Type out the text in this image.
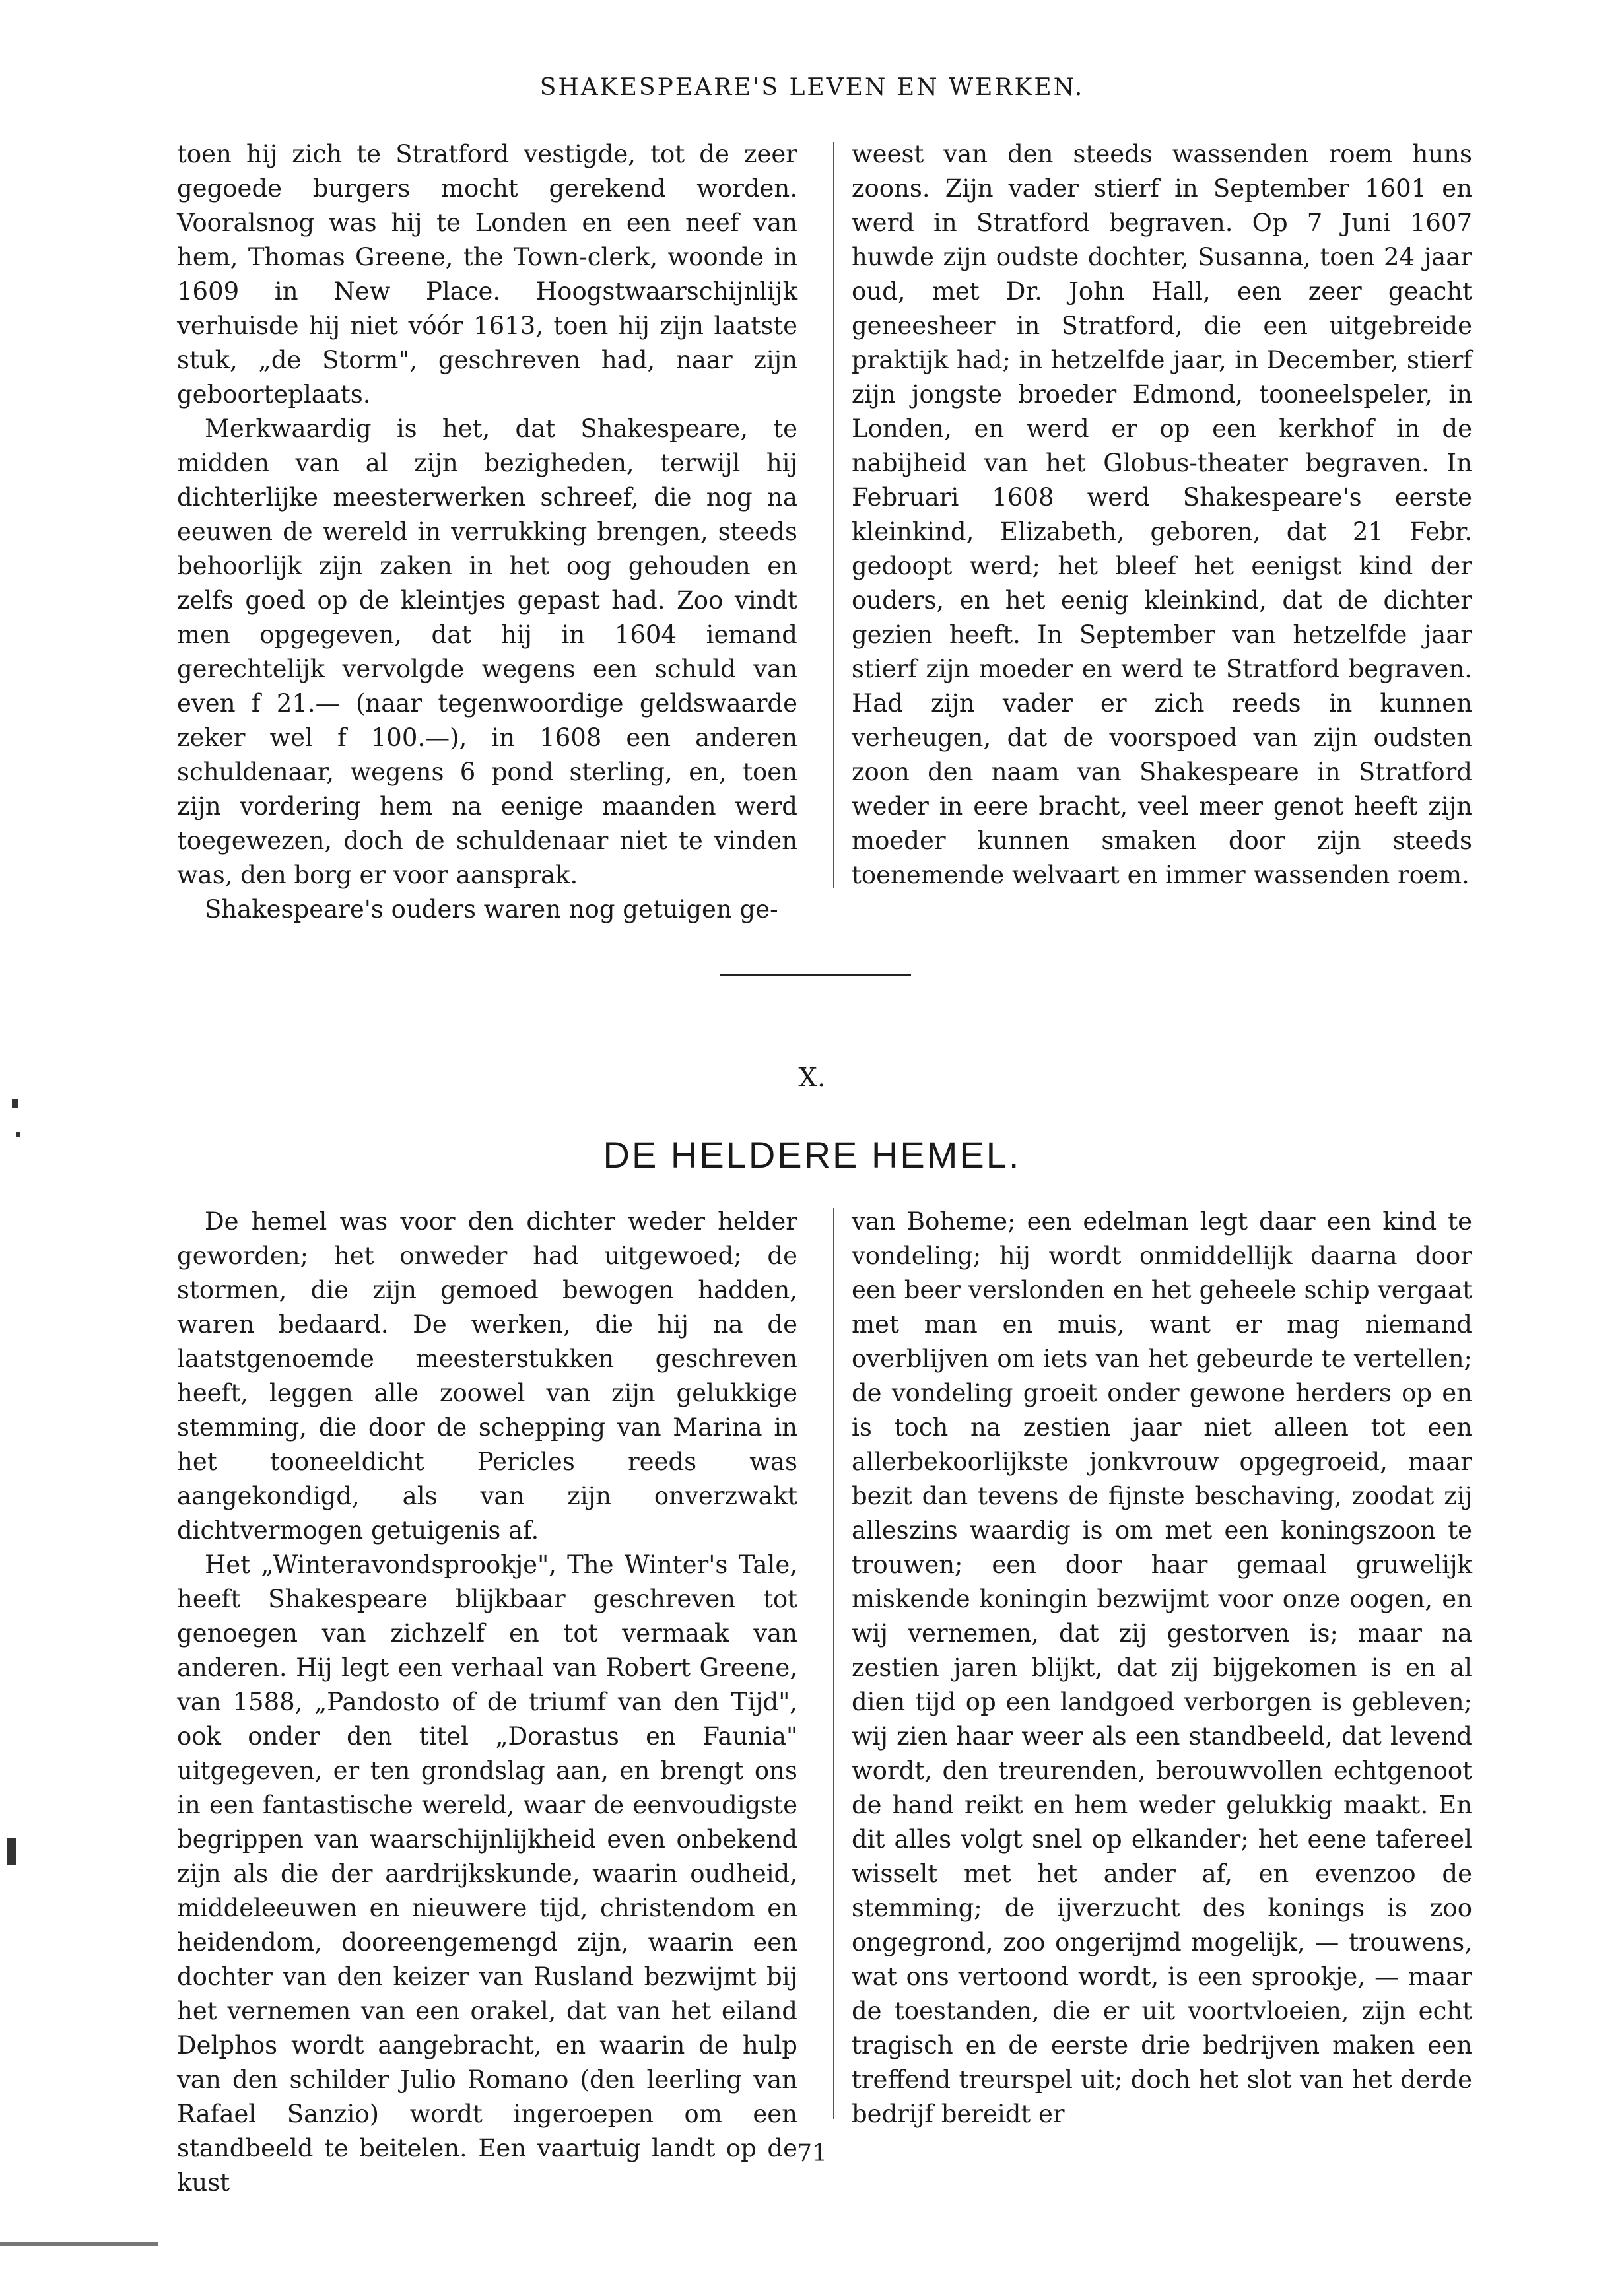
SHAKESPEARE'S LEVEN EN WERKEN.

toen hij zich te Stratford vestigde, tot de zeer gegoede burgers mocht gerekend worden. Vooralsnog was hij te Londen en een neef van hem, Thomas Greene, the Town-clerk, woonde in 1609 in New Place. Hoogstwaarschijnlijk verhuisde hij niet vóór 1613, toen hij zijn laatste stuk, „de Storm", geschreven had, naar zijn geboorteplaats.

Merkwaardig is het, dat Shakespeare, te midden van al zijn bezigheden, terwijl hij dichterlijke meesterwerken schreef, die nog na eeuwen de wereld in verrukking brengen, steeds behoorlijk zijn zaken in het oog gehouden en zelfs goed op de kleintjes gepast had. Zoo vindt men opgegeven, dat hij in 1604 iemand gerechtelijk vervolgde wegens een schuld van even f 21.— (naar tegenwoordige geldswaarde zeker wel f 100.—), in 1608 een anderen schuldenaar, wegens 6 pond sterling, en, toen zijn vordering hem na eenige maanden werd toegewezen, doch de schuldenaar niet te vinden was, den borg er voor aansprak.

Shakespeare's ouders waren nog getuigen ge-

weest van den steeds wassenden roem huns zoons. Zijn vader stierf in September 1601 en werd in Stratford begraven. Op 7 Juni 1607 huwde zijn oudste dochter, Susanna, toen 24 jaar oud, met Dr. John Hall, een zeer geacht geneesheer in Stratford, die een uitgebreide praktijk had; in hetzelfde jaar, in December, stierf zijn jongste broeder Edmond, tooneelspeler, in Londen, en werd er op een kerkhof in de nabijheid van het Globus-theater begraven. In Februari 1608 werd Shakespeare's eerste kleinkind, Elizabeth, geboren, dat 21 Febr. gedoopt werd; het bleef het eenigst kind der ouders, en het eenig kleinkind, dat de dichter gezien heeft. In September van hetzelfde jaar stierf zijn moeder en werd te Stratford begraven. Had zijn vader er zich reeds in kunnen verheugen, dat de voorspoed van zijn oudsten zoon den naam van Shakespeare in Stratford weder in eere bracht, veel meer genot heeft zijn moeder kunnen smaken door zijn steeds toenemende welvaart en immer wassenden roem.

X.
DE HELDERE HEMEL.

De hemel was voor den dichter weder helder geworden; het onweder had uitgewoed; de stormen, die zijn gemoed bewogen hadden, waren bedaard. De werken, die hij na de laatstgenoemde meesterstukken geschreven heeft, leggen alle zoowel van zijn gelukkige stemming, die door de schepping van Marina in het tooneeldicht Pericles reeds was aangekondigd, als van zijn onverzwakt dichtvermogen getuigenis af.

Het „Winteravondsprookje", The Winter's Tale, heeft Shakespeare blijkbaar geschreven tot genoegen van zichzelf en tot vermaak van anderen. Hij legt een verhaal van Robert Greene, van 1588, „Pandosto of de triumf van den Tijd", ook onder den titel „Dorastus en Faunia" uitgegeven, er ten grondslag aan, en brengt ons in een fantastische wereld, waar de eenvoudigste begrippen van waarschijnlijkheid even onbekend zijn als die der aardrijkskunde, waarin oudheid, middeleeuwen en nieuwere tijd, christendom en heidendom, dooreengemengd zijn, waarin een dochter van den keizer van Rusland bezwijmt bij het vernemen van een orakel, dat van het eiland Delphos wordt aangebracht, en waarin de hulp van den schilder Julio Romano (den leerling van Rafael Sanzio) wordt ingeroepen om een standbeeld te beitelen. Een vaartuig landt op de kust

van Boheme; een edelman legt daar een kind te vondeling; hij wordt onmiddellijk daarna door een beer verslonden en het geheele schip vergaat met man en muis, want er mag niemand overblijven om iets van het gebeurde te vertellen; de vondeling groeit onder gewone herders op en is toch na zestien jaar niet alleen tot een allerbekoorlijkste jonkvrouw opgegroeid, maar bezit dan tevens de fijnste beschaving, zoodat zij alleszins waardig is om met een koningszoon te trouwen; een door haar gemaal gruwelijk miskende koningin bezwijmt voor onze oogen, en wij vernemen, dat zij gestorven is; maar na zestien jaren blijkt, dat zij bijgekomen is en al dien tijd op een landgoed verborgen is gebleven; wij zien haar weer als een standbeeld, dat levend wordt, den treurenden, berouwvollen echtgenoot de hand reikt en hem weder gelukkig maakt. En dit alles volgt snel op elkander; het eene tafereel wisselt met het ander af, en evenzoo de stemming; de ijverzucht des konings is zoo ongegrond, zoo ongerijmd mogelijk, — trouwens, wat ons vertoond wordt, is een sprookje, — maar de toestanden, die er uit voortvloeien, zijn echt tragisch en de eerste drie bedrijven maken een treffend treurspel uit; doch het slot van het derde bedrijf bereidt er

71
